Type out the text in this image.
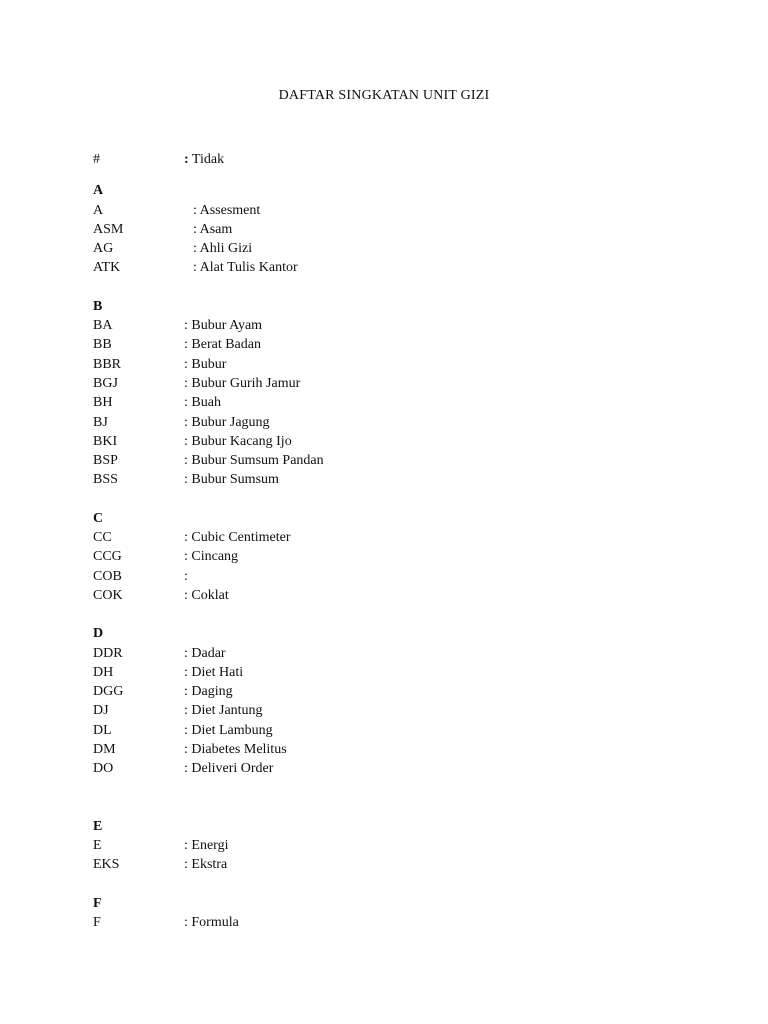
DAFTAR SINGKATAN UNIT GIZI
#	: Tidak
A
A	: Assesment
ASM	: Asam
AG	: Ahli Gizi
ATK	: Alat Tulis Kantor
B
BA	: Bubur Ayam
BB	: Berat Badan
BBR	: Bubur
BGJ	: Bubur Gurih Jamur
BH	: Buah
BJ	: Bubur Jagung
BKI	: Bubur Kacang Ijo
BSP	: Bubur Sumsum Pandan
BSS	: Bubur Sumsum
C
CC	: Cubic Centimeter
CCG	: Cincang
COB	:
COK	: Coklat
D
DDR	: Dadar
DH	: Diet Hati
DGG	: Daging
DJ	: Diet Jantung
DL	: Diet Lambung
DM	: Diabetes Melitus
DO	: Deliveri Order
E
E	: Energi
EKS	: Ekstra
F
F	: Formula
